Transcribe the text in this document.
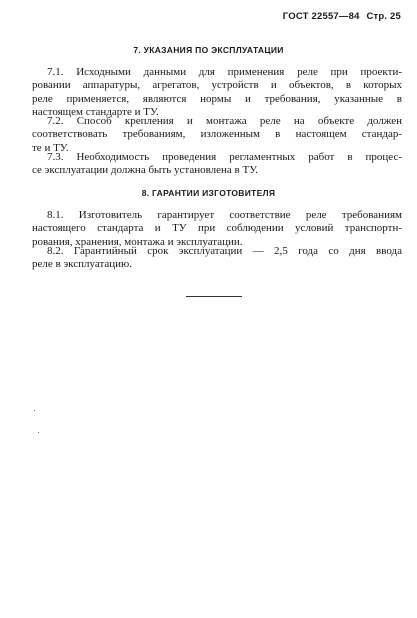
ГОСТ 22557—84 Стр. 25
7. УКАЗАНИЯ ПО ЭКСПЛУАТАЦИИ

7.1. Исходными данными для применения реле при проекти-
ровании аппаратуры, агрегатов, устройств и объектов, в которых
реле применяется, являются нормы и требования, указанные в
настоящем стандарте и ТУ.

7.2. Способ крепления и монтажа реле на объекте должен
соответствовать требованиям, изложенным в настоящем стандар-
те и ТУ.

7.3. Необходимость проведения регламентных работ в процес-
се эксплуатации должна быть установлена в ТУ.

8. ГАРАНТИИ ИЗГОТОВИТЕЛЯ

8.1. Изготовитель гарантирует соответствие реле требованиям
настоящего стандарта и ТУ при соблюдении условий транспортн-
рования, хранения, монтажа и эксплуатации.

8.2. Гарантийный срок эксплуатации — 2,5 года со дня ввода
реле в эксплуатацию.
